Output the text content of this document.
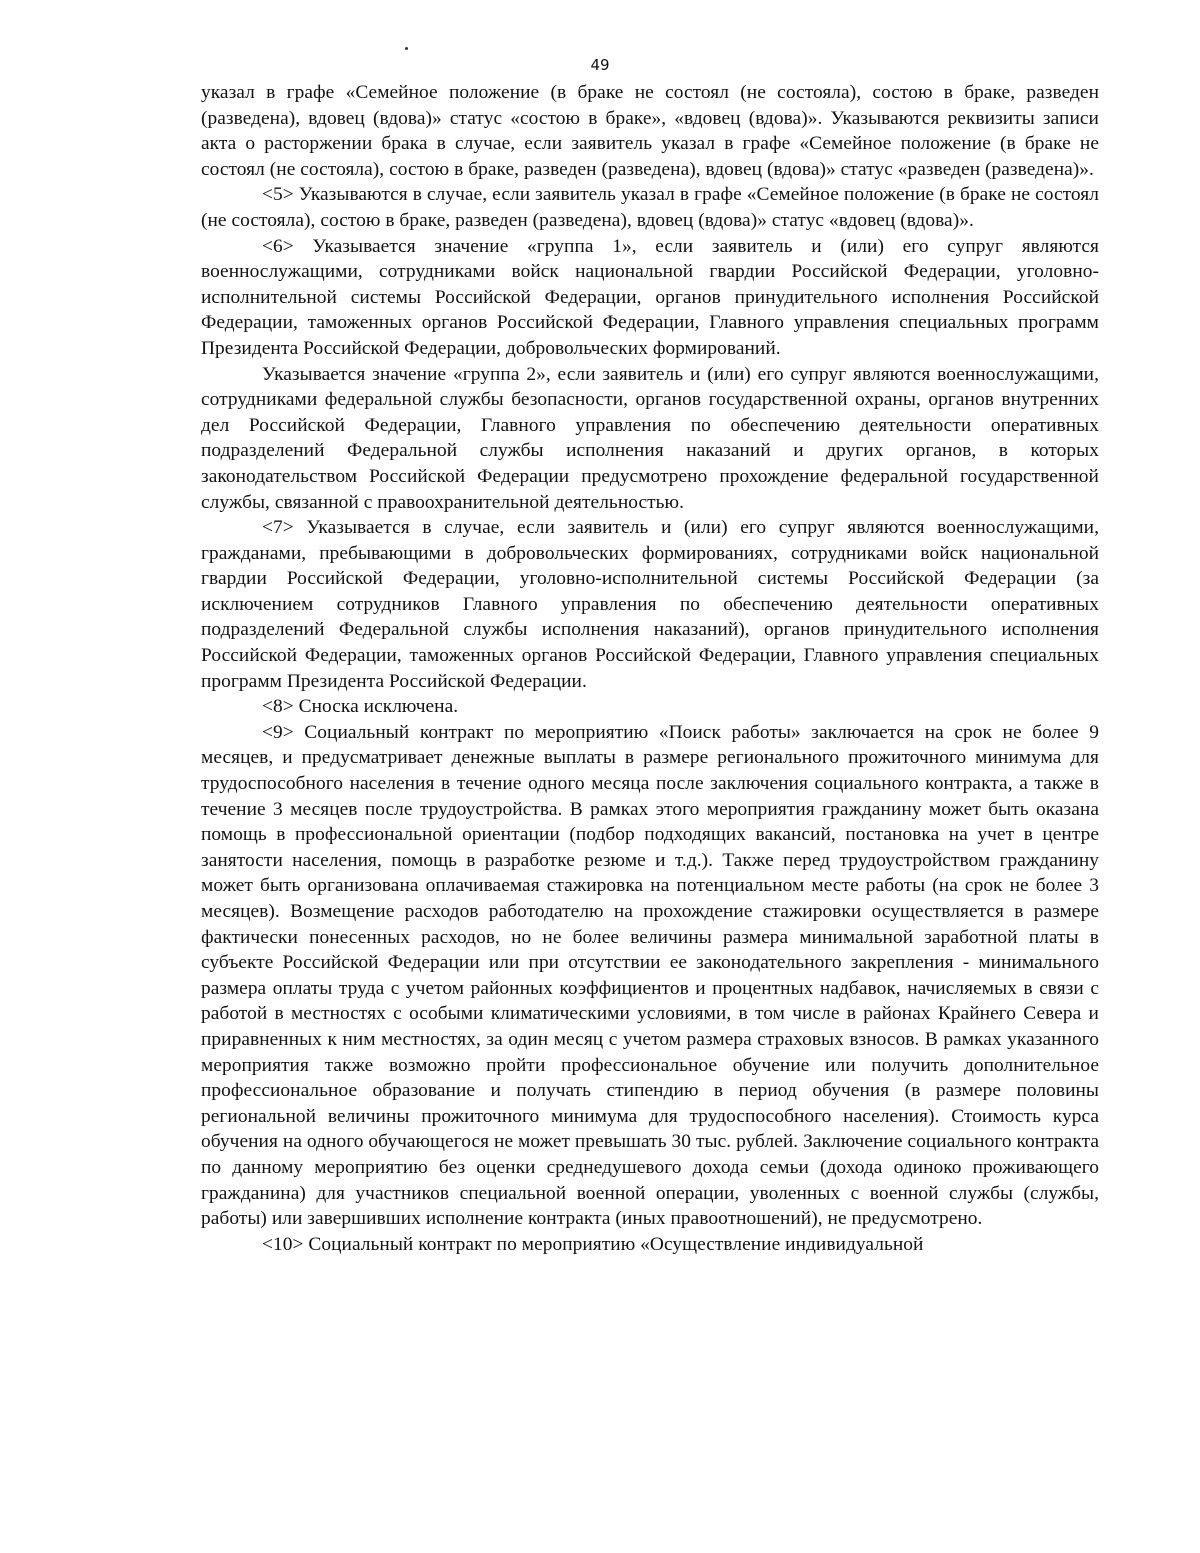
49

указал в графе «Семейное положение (в браке не состоял (не состояла), состою в браке, разведен (разведена), вдовец (вдова)» статус «состою в браке», «вдовец (вдова)». Указываются реквизиты записи акта о расторжении брака в случае, если заявитель указал в графе «Семейное положение (в браке не состоял (не состояла), состою в браке, разведен (разведена), вдовец (вдова)» статус «разведен (разведена)».

<5> Указываются в случае, если заявитель указал в графе «Семейное положение (в браке не состоял (не состояла), состою в браке, разведен (разведена), вдовец (вдова)» статус «вдовец (вдова)».

<6> Указывается значение «группа 1», если заявитель и (или) его супруг являются военнослужащими, сотрудниками войск национальной гвардии Российской Федерации, уголовно-исполнительной системы Российской Федерации, органов принудительного исполнения Российской Федерации, таможенных органов Российской Федерации, Главного управления специальных программ Президента Российской Федерации, добровольческих формирований.

Указывается значение «группа 2», если заявитель и (или) его супруг являются военнослужащими, сотрудниками федеральной службы безопасности, органов государственной охраны, органов внутренних дел Российской Федерации, Главного управления по обеспечению деятельности оперативных подразделений Федеральной службы исполнения наказаний и других органов, в которых законодательством Российской Федерации предусмотрено прохождение федеральной государственной службы, связанной с правоохранительной деятельностью.

<7> Указывается в случае, если заявитель и (или) его супруг являются военнослужащими, гражданами, пребывающими в добровольческих формированиях, сотрудниками войск национальной гвардии Российской Федерации, уголовно-исполнительной системы Российской Федерации (за исключением сотрудников Главного управления по обеспечению деятельности оперативных подразделений Федеральной службы исполнения наказаний), органов принудительного исполнения Российской Федерации, таможенных органов Российской Федерации, Главного управления специальных программ Президента Российской Федерации.

<8> Сноска исключена.

<9> Социальный контракт по мероприятию «Поиск работы» заключается на срок не более 9 месяцев, и предусматривает денежные выплаты в размере регионального прожиточного минимума для трудоспособного населения в течение одного месяца после заключения социального контракта, а также в течение 3 месяцев после трудоустройства. В рамках этого мероприятия гражданину может быть оказана помощь в профессиональной ориентации (подбор подходящих вакансий, постановка на учет в центре занятости населения, помощь в разработке резюме и т.д.). Также перед трудоустройством гражданину может быть организована оплачиваемая стажировка на потенциальном месте работы (на срок не более 3 месяцев). Возмещение расходов работодателю на прохождение стажировки осуществляется в размере фактически понесенных расходов, но не более величины размера минимальной заработной платы в субъекте Российской Федерации или при отсутствии ее законодательного закрепления - минимального размера оплаты труда с учетом районных коэффициентов и процентных надбавок, начисляемых в связи с работой в местностях с особыми климатическими условиями, в том числе в районах Крайнего Севера и приравненных к ним местностях, за один месяц с учетом размера страховых взносов. В рамках указанного мероприятия также возможно пройти профессиональное обучение или получить дополнительное профессиональное образование и получать стипендию в период обучения (в размере половины региональной величины прожиточного минимума для трудоспособного населения). Стоимость курса обучения на одного обучающегося не может превышать 30 тыс. рублей. Заключение социального контракта по данному мероприятию без оценки среднедушевого дохода семьи (дохода одиноко проживающего гражданина) для участников специальной военной операции, уволенных с военной службы (службы, работы) или завершивших исполнение контракта (иных правоотношений), не предусмотрено.

<10> Социальный контракт по мероприятию «Осуществление индивидуальной
